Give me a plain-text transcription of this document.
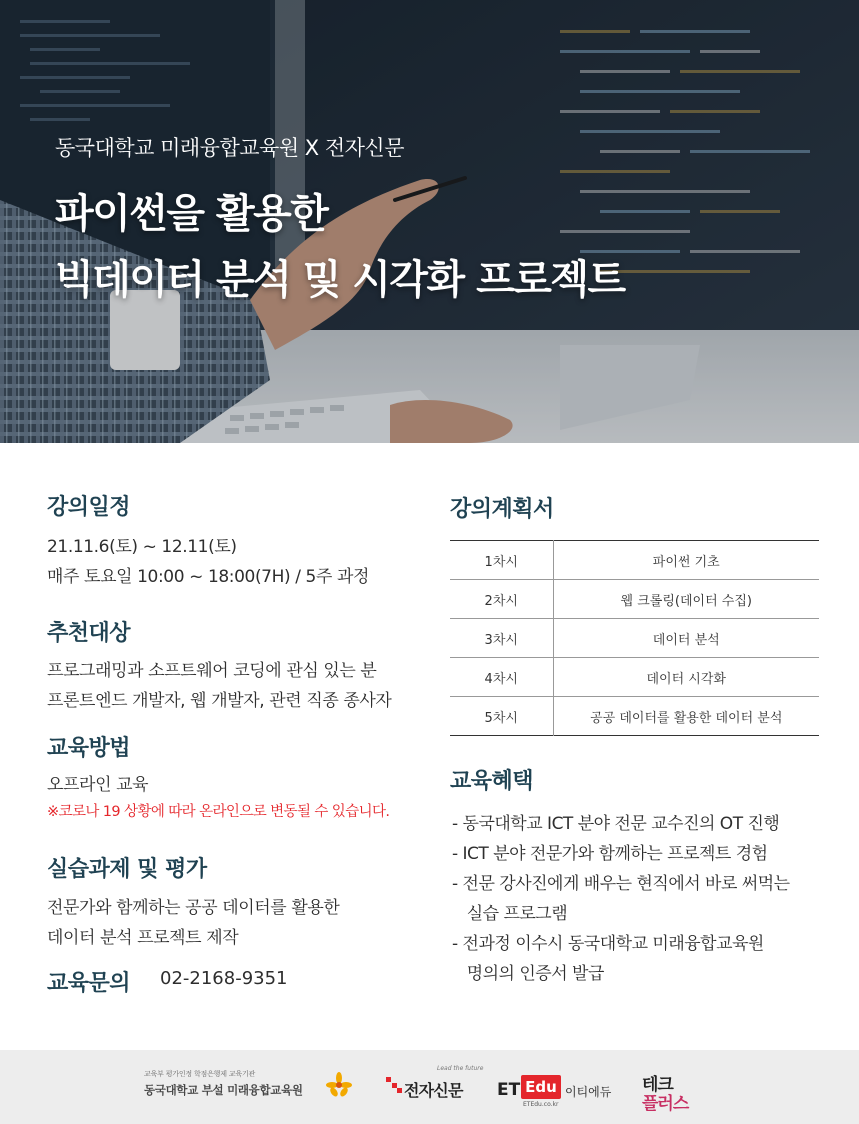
동국대학교 미래융합교육원 X 전자신문
파이썬을 활용한
빅데이터 분석 및 시각화 프로젝트
강의일정
21.11.6(토) ~ 12.11(토)
매주 토요일 10:00 ~ 18:00(7H) / 5주 과정
추천대상
프로그래밍과 소프트웨어 코딩에 관심 있는 분
프론트엔드 개발자, 웹 개발자, 관련 직종 종사자
교육방법
오프라인 교육
※코로나 19 상황에 따라 온라인으로 변동될 수 있습니다.
실습과제 및 평가
전문가와 함께하는 공공 데이터를 활용한
데이터 분석 프로젝트 제작
교육문의 02-2168-9351
강의계획서
1차시	파이썬 기초
2차시	웹 크롤링(데이터 수집)
3차시	데이터 분석
4차시	데이터 시각화
5차시	공공 데이터를 활용한 데이터 분석
교육혜택
- 동국대학교 ICT 분야 전문 교수진의 OT 진행
- ICT 분야 전문가와 함께하는 프로젝트 경험
- 전문 강사진에게 배우는 현직에서 바로 써먹는
실습 프로그램
- 전과정 이수시 동국대학교 미래융합교육원
명의의 인증서 발급
교육부 평가인정 학점은행제 교육기관
동국대학교 부설 미래융합교육원
Lead the future
전자신문 ET Edu 이티에듀
ETEdu.co.kr
테크
플러스
